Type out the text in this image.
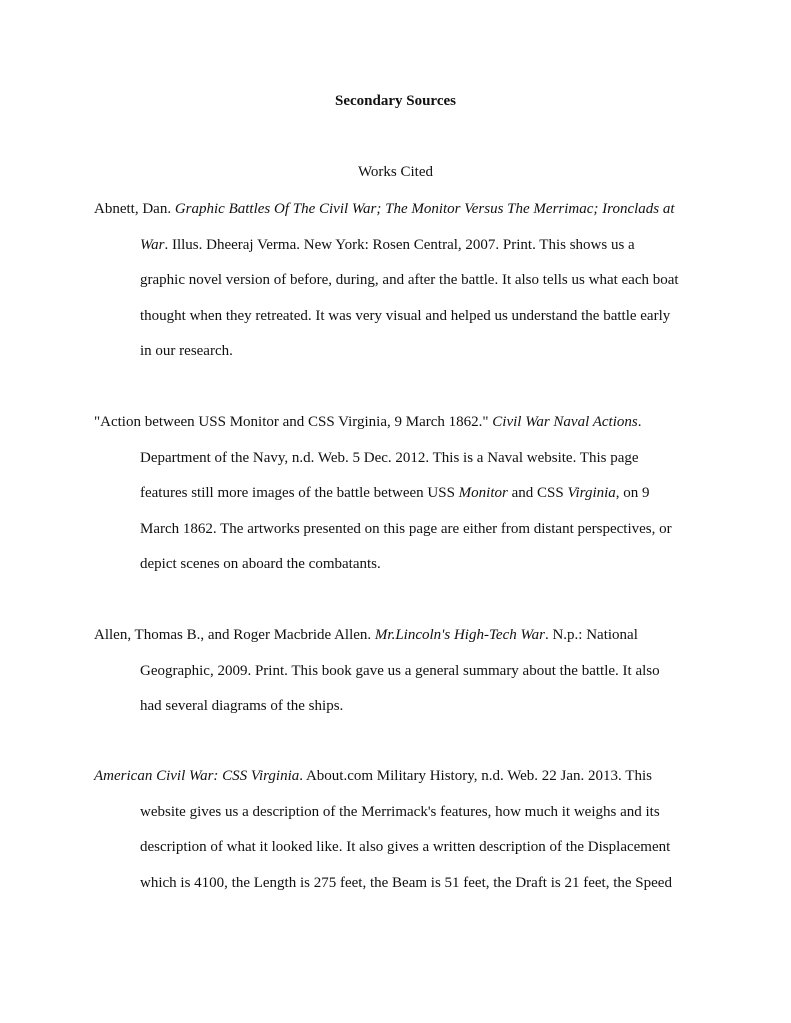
Secondary Sources
Works Cited
Abnett, Dan. Graphic Battles Of The Civil War; The Monitor Versus The Merrimac; Ironclads at
War. Illus. Dheeraj Verma. New York: Rosen Central, 2007. Print. This shows us a
graphic novel version of before, during, and after the battle. It also tells us what each boat
thought when they retreated. It was very visual and helped us understand the battle early
in our research.
"Action between USS Monitor and CSS Virginia, 9 March 1862." Civil War Naval Actions.
Department of the Navy, n.d. Web. 5 Dec. 2012. This is a Naval website. This page
features still more images of the battle between USS Monitor and CSS Virginia, on 9
March 1862. The artworks presented on this page are either from distant perspectives, or
depict scenes on aboard the combatants.
Allen, Thomas B., and Roger Macbride Allen. Mr.Lincoln's High-Tech War. N.p.: National
Geographic, 2009. Print. This book gave us a general summary about the battle. It also
had several diagrams of the ships.
American Civil War: CSS Virginia. About.com Military History, n.d. Web. 22 Jan. 2013. This
website gives us a description of the Merrimack's features, how much it weighs and its
description of what it looked like. It also gives a written description of the Displacement
which is 4100, the Length is 275 feet, the Beam is 51 feet, the Draft is 21 feet, the Speed
